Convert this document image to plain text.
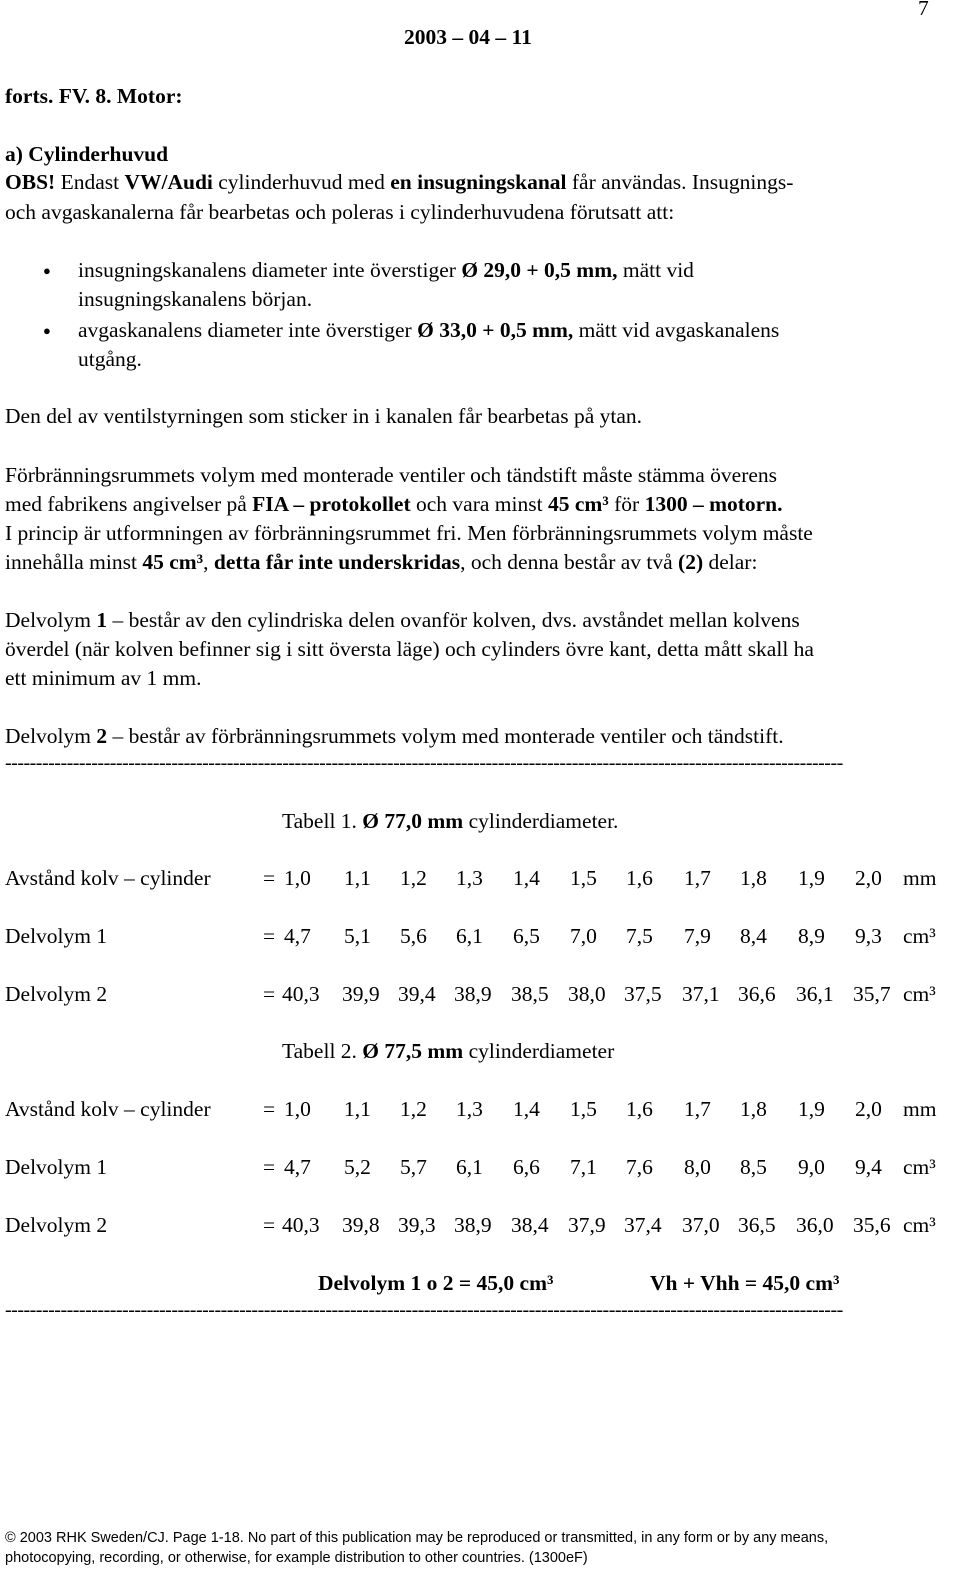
7
2003 – 04 – 11
forts. FV. 8. Motor:
a) Cylinderhuvud
OBS! Endast VW/Audi cylinderhuvud med en insugningskanal får användas. Insugnings-
och avgaskanalerna får bearbetas och poleras i cylinderhuvudena förutsatt att:
● insugningskanalens diameter inte överstiger Ø 29,0 + 0,5 mm, mätt vid
insugningskanalens början.
● avgaskanalens diameter inte överstiger Ø 33,0 + 0,5 mm, mätt vid avgaskanalens
utgång.
Den del av ventilstyrningen som sticker in i kanalen får bearbetas på ytan.
Förbränningsrummets volym med monterade ventiler och tändstift måste stämma överens
med fabrikens angivelser på FIA – protokollet och vara minst 45 cm³ för 1300 – motorn.
I princip är utformningen av förbränningsrummet fri. Men förbränningsrummets volym måste
innehålla minst 45 cm³, detta får inte underskridas, och denna består av två (2) delar:
Delvolym 1 – består av den cylindriska delen ovanför kolven, dvs. avståndet mellan kolvens
överdel (när kolven befinner sig i sitt översta läge) och cylinders övre kant, detta mått skall ha
ett minimum av 1 mm.
Delvolym 2 – består av förbränningsrummets volym med monterade ventiler och tändstift.
----------------------------------------------------------------------------------------------------------------------------------------
Tabell 1. Ø 77,0 mm cylinderdiameter.
Avstånd kolv – cylinder = 1,0 1,1 1,2 1,3 1,4 1,5 1,6 1,7 1,8 1,9 2,0 mm
Delvolym 1	= 4,7 5,1 5,6 6,1 6,5 7,0 7,5 7,9 8,4 8,9 9,3 cm³
Delvolym 2	= 40,3 39,9 39,4 38,9 38,5 38,0 37,5 37,1 36,6 36,1 35,7 cm³
Tabell 2. Ø 77,5 mm cylinderdiameter
Avstånd kolv – cylinder = 1,0 1,1 1,2 1,3 1,4 1,5 1,6 1,7 1,8 1,9 2,0 mm
Delvolym 1	= 4,7 5,2 5,7 6,1 6,6 7,1 7,6 8,0 8,5 9,0 9,4 cm³
Delvolym 2	= 40,3 39,8 39,3 38,9 38,4 37,9 37,4 37,0 36,5 36,0 35,6 cm³
Delvolym 1 o 2 = 45,0 cm³	Vh + Vhh = 45,0 cm³
----------------------------------------------------------------------------------------------------------------------------------------
© 2003 RHK Sweden/CJ. Page 1-18. No part of this publication may be reproduced or transmitted, in any form or by any means,
photocopying, recording, or otherwise, for example distribution to other countries. (1300eF)
